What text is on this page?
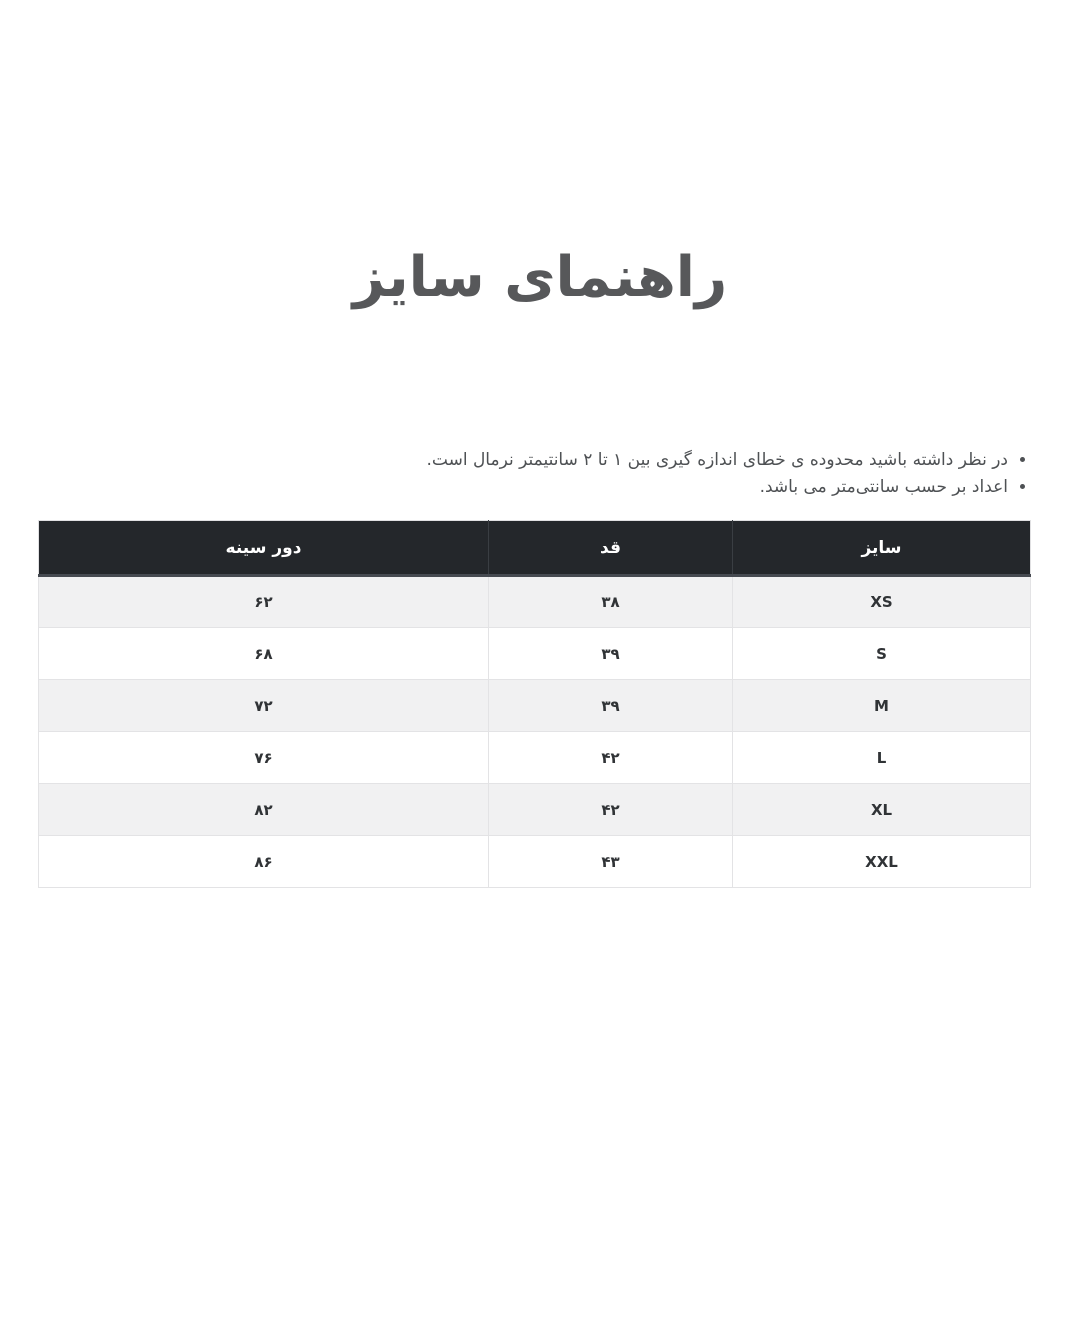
راهنمای سایز
• در نظر داشته باشید محدوده ی خطای اندازه گیری بین ۱ تا ۲ سانتیمتر نرمال است.
• اعداد بر حسب سانتی‌متر می باشد.
سایز	قد	دور سینه
XS	۳۸	۶۲
S	۳۹	۶۸
M	۳۹	۷۲
L	۴۲	۷۶
XL	۴۲	۸۲
XXL	۴۳	۸۶
